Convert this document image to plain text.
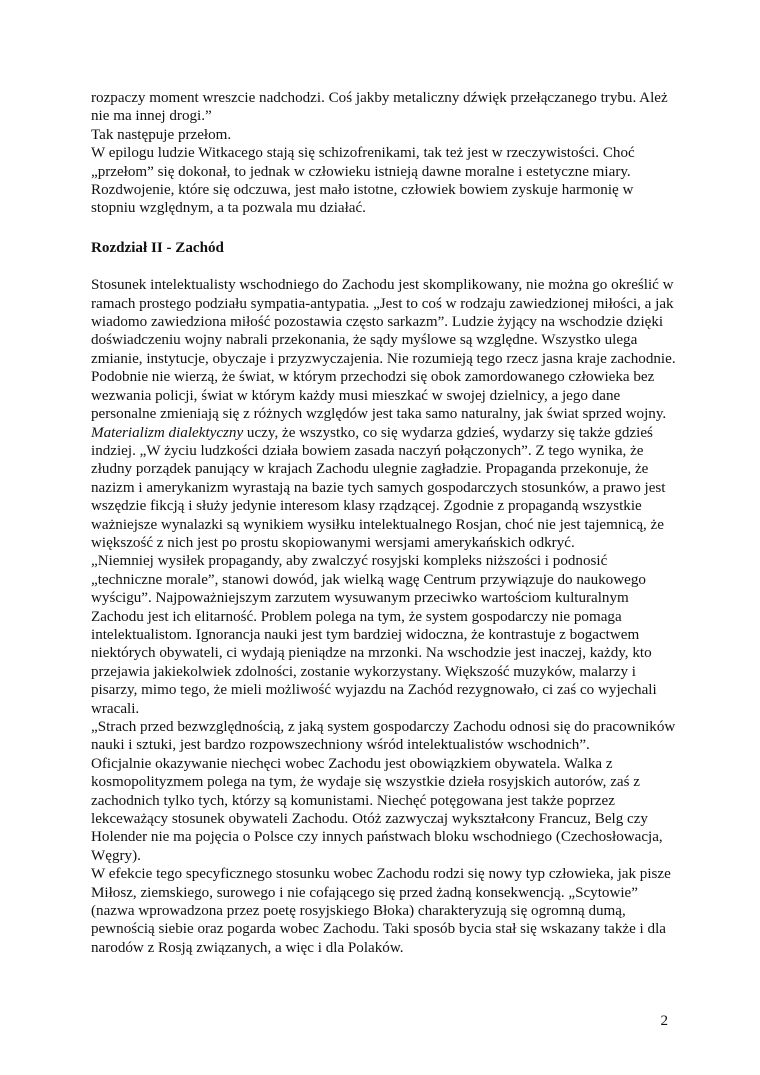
rozpaczy moment wreszcie nadchodzi. Coś jakby metaliczny dźwięk przełączanego trybu. Ależ nie ma innej drogi.”

Tak następuje przełom.

W epilogu ludzie Witkacego stają się schizofrenikami, tak też jest w rzeczywistości. Choć „przełom” się dokonał, to jednak w człowieku istnieją dawne moralne i estetyczne miary. Rozdwojenie, które się odczuwa, jest mało istotne, człowiek bowiem zyskuje harmonię w stopniu względnym, a ta pozwala mu działać.

Rozdział II - Zachód

Stosunek intelektualisty wschodniego do Zachodu jest skomplikowany, nie można go określić w ramach prostego podziału sympatia-antypatia. „Jest to coś w rodzaju zawiedzionej miłości, a jak wiadomo zawiedziona miłość pozostawia często sarkazm”. Ludzie żyjący na wschodzie dzięki doświadczeniu wojny nabrali przekonania, że sądy myślowe są względne. Wszystko ulega zmianie, instytucje, obyczaje i przyzwyczajenia. Nie rozumieją tego rzecz jasna kraje zachodnie. Podobnie nie wierzą, że świat, w którym przechodzi się obok zamordowanego człowieka bez wezwania policji, świat w którym każdy musi mieszkać w swojej dzielnicy, a jego dane personalne zmieniają się z różnych względów jest taka samo naturalny, jak świat sprzed wojny.

Materializm dialektyczny uczy, że wszystko, co się wydarza gdzieś, wydarzy się także gdzieś indziej. „W życiu ludzkości działa bowiem zasada naczyń połączonych”. Z tego wynika, że złudny porządek panujący w krajach Zachodu ulegnie zagładzie. Propaganda przekonuje, że nazizm i amerykanizm wyrastają na bazie tych samych gospodarczych stosunków, a prawo jest wszędzie fikcją i służy jedynie interesom klasy rządzącej. Zgodnie z propagandą wszystkie ważniejsze wynalazki są wynikiem wysiłku intelektualnego Rosjan, choć nie jest tajemnicą, że większość z nich jest po prostu skopiowanymi wersjami amerykańskich odkryć.

„Niemniej wysiłek propagandy, aby zwalczyć rosyjski kompleks niższości i podnosić „techniczne morale”, stanowi dowód, jak wielką wagę Centrum przywiązuje do naukowego wyścigu”. Najpoważniejszym zarzutem wysuwanym przeciwko wartościom kulturalnym Zachodu jest ich elitarność. Problem polega na tym, że system gospodarczy nie pomaga intelektualistom. Ignorancja nauki jest tym bardziej widoczna, że kontrastuje z bogactwem niektórych obywateli, ci wydają pieniądze na mrzonki. Na wschodzie jest inaczej, każdy, kto przejawia jakiekolwiek zdolności, zostanie wykorzystany. Większość muzyków, malarzy i pisarzy, mimo tego, że mieli możliwość wyjazdu na Zachód rezygnowało, ci zaś co wyjechali wracali.

„Strach przed bezwzględnością, z jaką system gospodarczy Zachodu odnosi się do pracowników nauki i sztuki, jest bardzo rozpowszechniony wśród intelektualistów wschodnich”.

Oficjalnie okazywanie niechęci wobec Zachodu jest obowiązkiem obywatela. Walka z kosmopolityzmem polega na tym, że wydaje się wszystkie dzieła rosyjskich autorów, zaś z zachodnich tylko tych, którzy są komunistami. Niechęć potęgowana jest także poprzez lekceważący stosunek obywateli Zachodu. Otóż zazwyczaj wykształcony Francuz, Belg czy Holender nie ma pojęcia o Polsce czy innych państwach bloku wschodniego (Czechosłowacja, Węgry).

W efekcie tego specyficznego stosunku wobec Zachodu rodzi się nowy typ człowieka, jak pisze Miłosz, ziemskiego, surowego i nie cofającego się przed żadną konsekwencją. „Scytowie” (nazwa wprowadzona przez poetę rosyjskiego Błoka) charakteryzują się ogromną dumą, pewnością siebie oraz pogarda wobec Zachodu. Taki sposób bycia stał się wskazany także i dla narodów z Rosją związanych, a więc i dla Polaków.

2
